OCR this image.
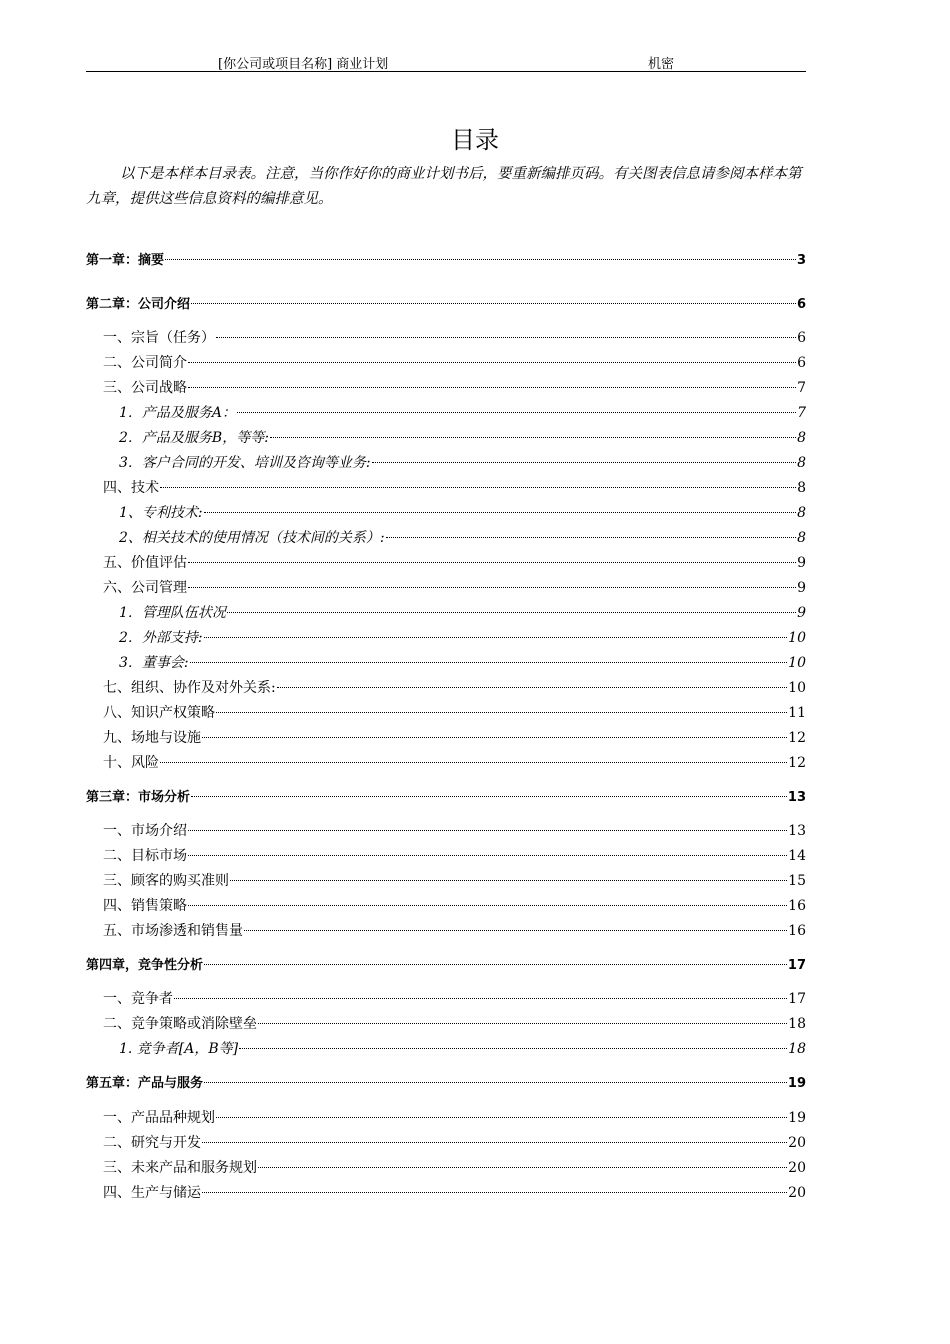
[你公司或项目名称] 商业计划	机密
目录
以下是本样本目录表。注意，当你作好你的商业计划书后，要重新编排页码。有关图表信息请参阅本样本第九章，提供这些信息资料的编排意见。
第一章：摘要	3
第二章：公司介绍	6
一、宗旨（任务）	6
二、公司简介	6
三、公司战略	7
1．产品及服务A：	7
2．产品及服务B，等等:	8
3．客户合同的开发、培训及咨询等业务:	8
四、技术	8
1、专利技术:	8
2、相关技术的使用情况（技术间的关系）:	8
五、价值评估	9
六、公司管理	9
1．管理队伍状况	9
2．外部支持:	10
3．董事会:	10
七、组织、协作及对外关系:	10
八、知识产权策略	11
九、场地与设施	12
十、风险	12
第三章：市场分析	13
一、市场介绍	13
二、目标市场	14
三、顾客的购买准则	15
四、销售策略	16
五、市场渗透和销售量	16
第四章，竞争性分析	17
一、竞争者	17
二、竞争策略或消除壁垒	18
1. 竞争者[A，B等]	18
第五章：产品与服务	19
一、产品品种规划	19
二、研究与开发	20
三、未来产品和服务规划	20
四、生产与储运	20
